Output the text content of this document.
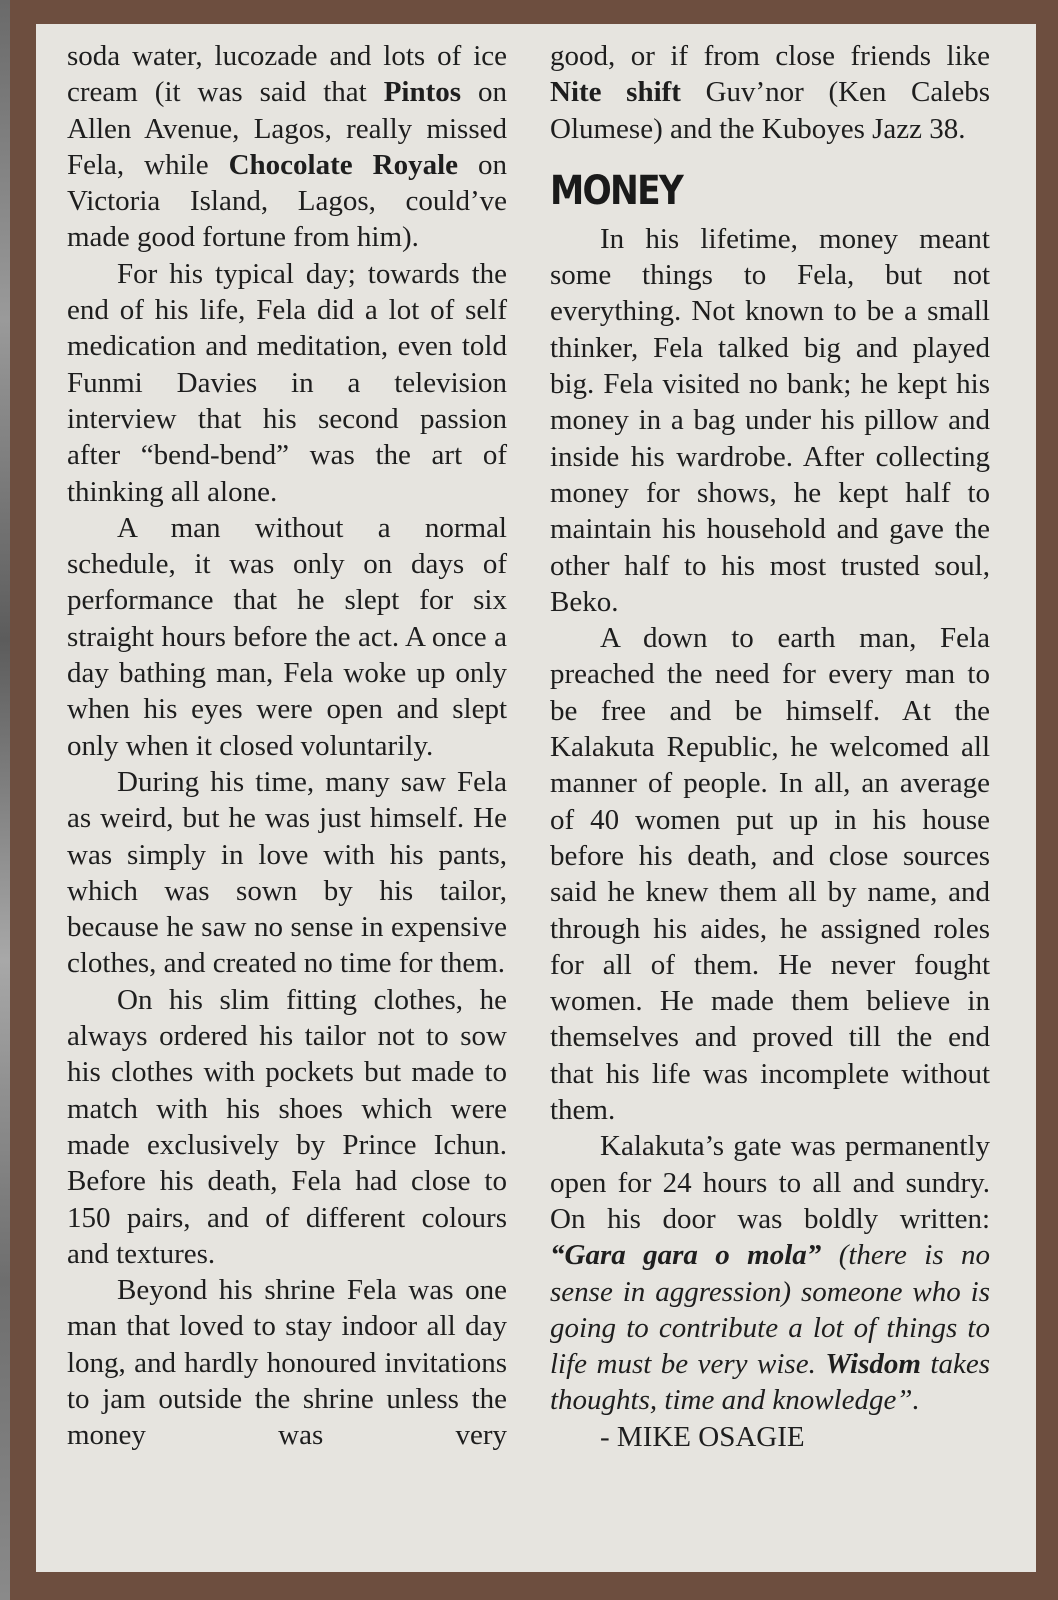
soda water, lucozade and lots of ice cream (it was said that Pintos on Allen Avenue, Lagos, really missed Fela, while Chocolate Royale on Victoria Island, Lagos, could’ve made good fortune from him).

For his typical day; towards the end of his life, Fela did a lot of self medication and meditation, even told Funmi Davies in a television interview that his second passion after “bend-bend” was the art of thinking all alone.

A man without a normal schedule, it was only on days of performance that he slept for six straight hours before the act. A once a day bathing man, Fela woke up only when his eyes were open and slept only when it closed voluntarily.

During his time, many saw Fela as weird, but he was just himself. He was simply in love with his pants, which was sown by his tailor, because he saw no sense in expensive clothes, and created no time for them.

On his slim fitting clothes, he always ordered his tailor not to sow his clothes with pockets but made to match with his shoes which were made exclusively by Prince Ichun. Before his death, Fela had close to 150 pairs, and of different colours and textures.

Beyond his shrine Fela was one man that loved to stay indoor all day long, and hardly honoured invitations to jam outside the shrine unless the money was very

good, or if from close friends like Nite shift Guv’nor (Ken Calebs Olumese) and the Kuboyes Jazz 38.

MONEY

In his lifetime, money meant some things to Fela, but not everything. Not known to be a small thinker, Fela talked big and played big. Fela visited no bank; he kept his money in a bag under his pillow and inside his wardrobe. After collecting money for shows, he kept half to maintain his household and gave the other half to his most trusted soul, Beko.

A down to earth man, Fela preached the need for every man to be free and be himself. At the Kalakuta Republic, he welcomed all manner of people. In all, an average of 40 women put up in his house before his death, and close sources said he knew them all by name, and through his aides, he assigned roles for all of them. He never fought women. He made them believe in themselves and proved till the end that his life was incomplete without them.

Kalakuta’s gate was permanently open for 24 hours to all and sundry. On his door was boldly written: “Gara gara o mola” (there is no sense in aggression) someone who is going to contribute a lot of things to life must be very wise. Wisdom takes thoughts, time and knowledge”.

- MIKE OSAGIE
